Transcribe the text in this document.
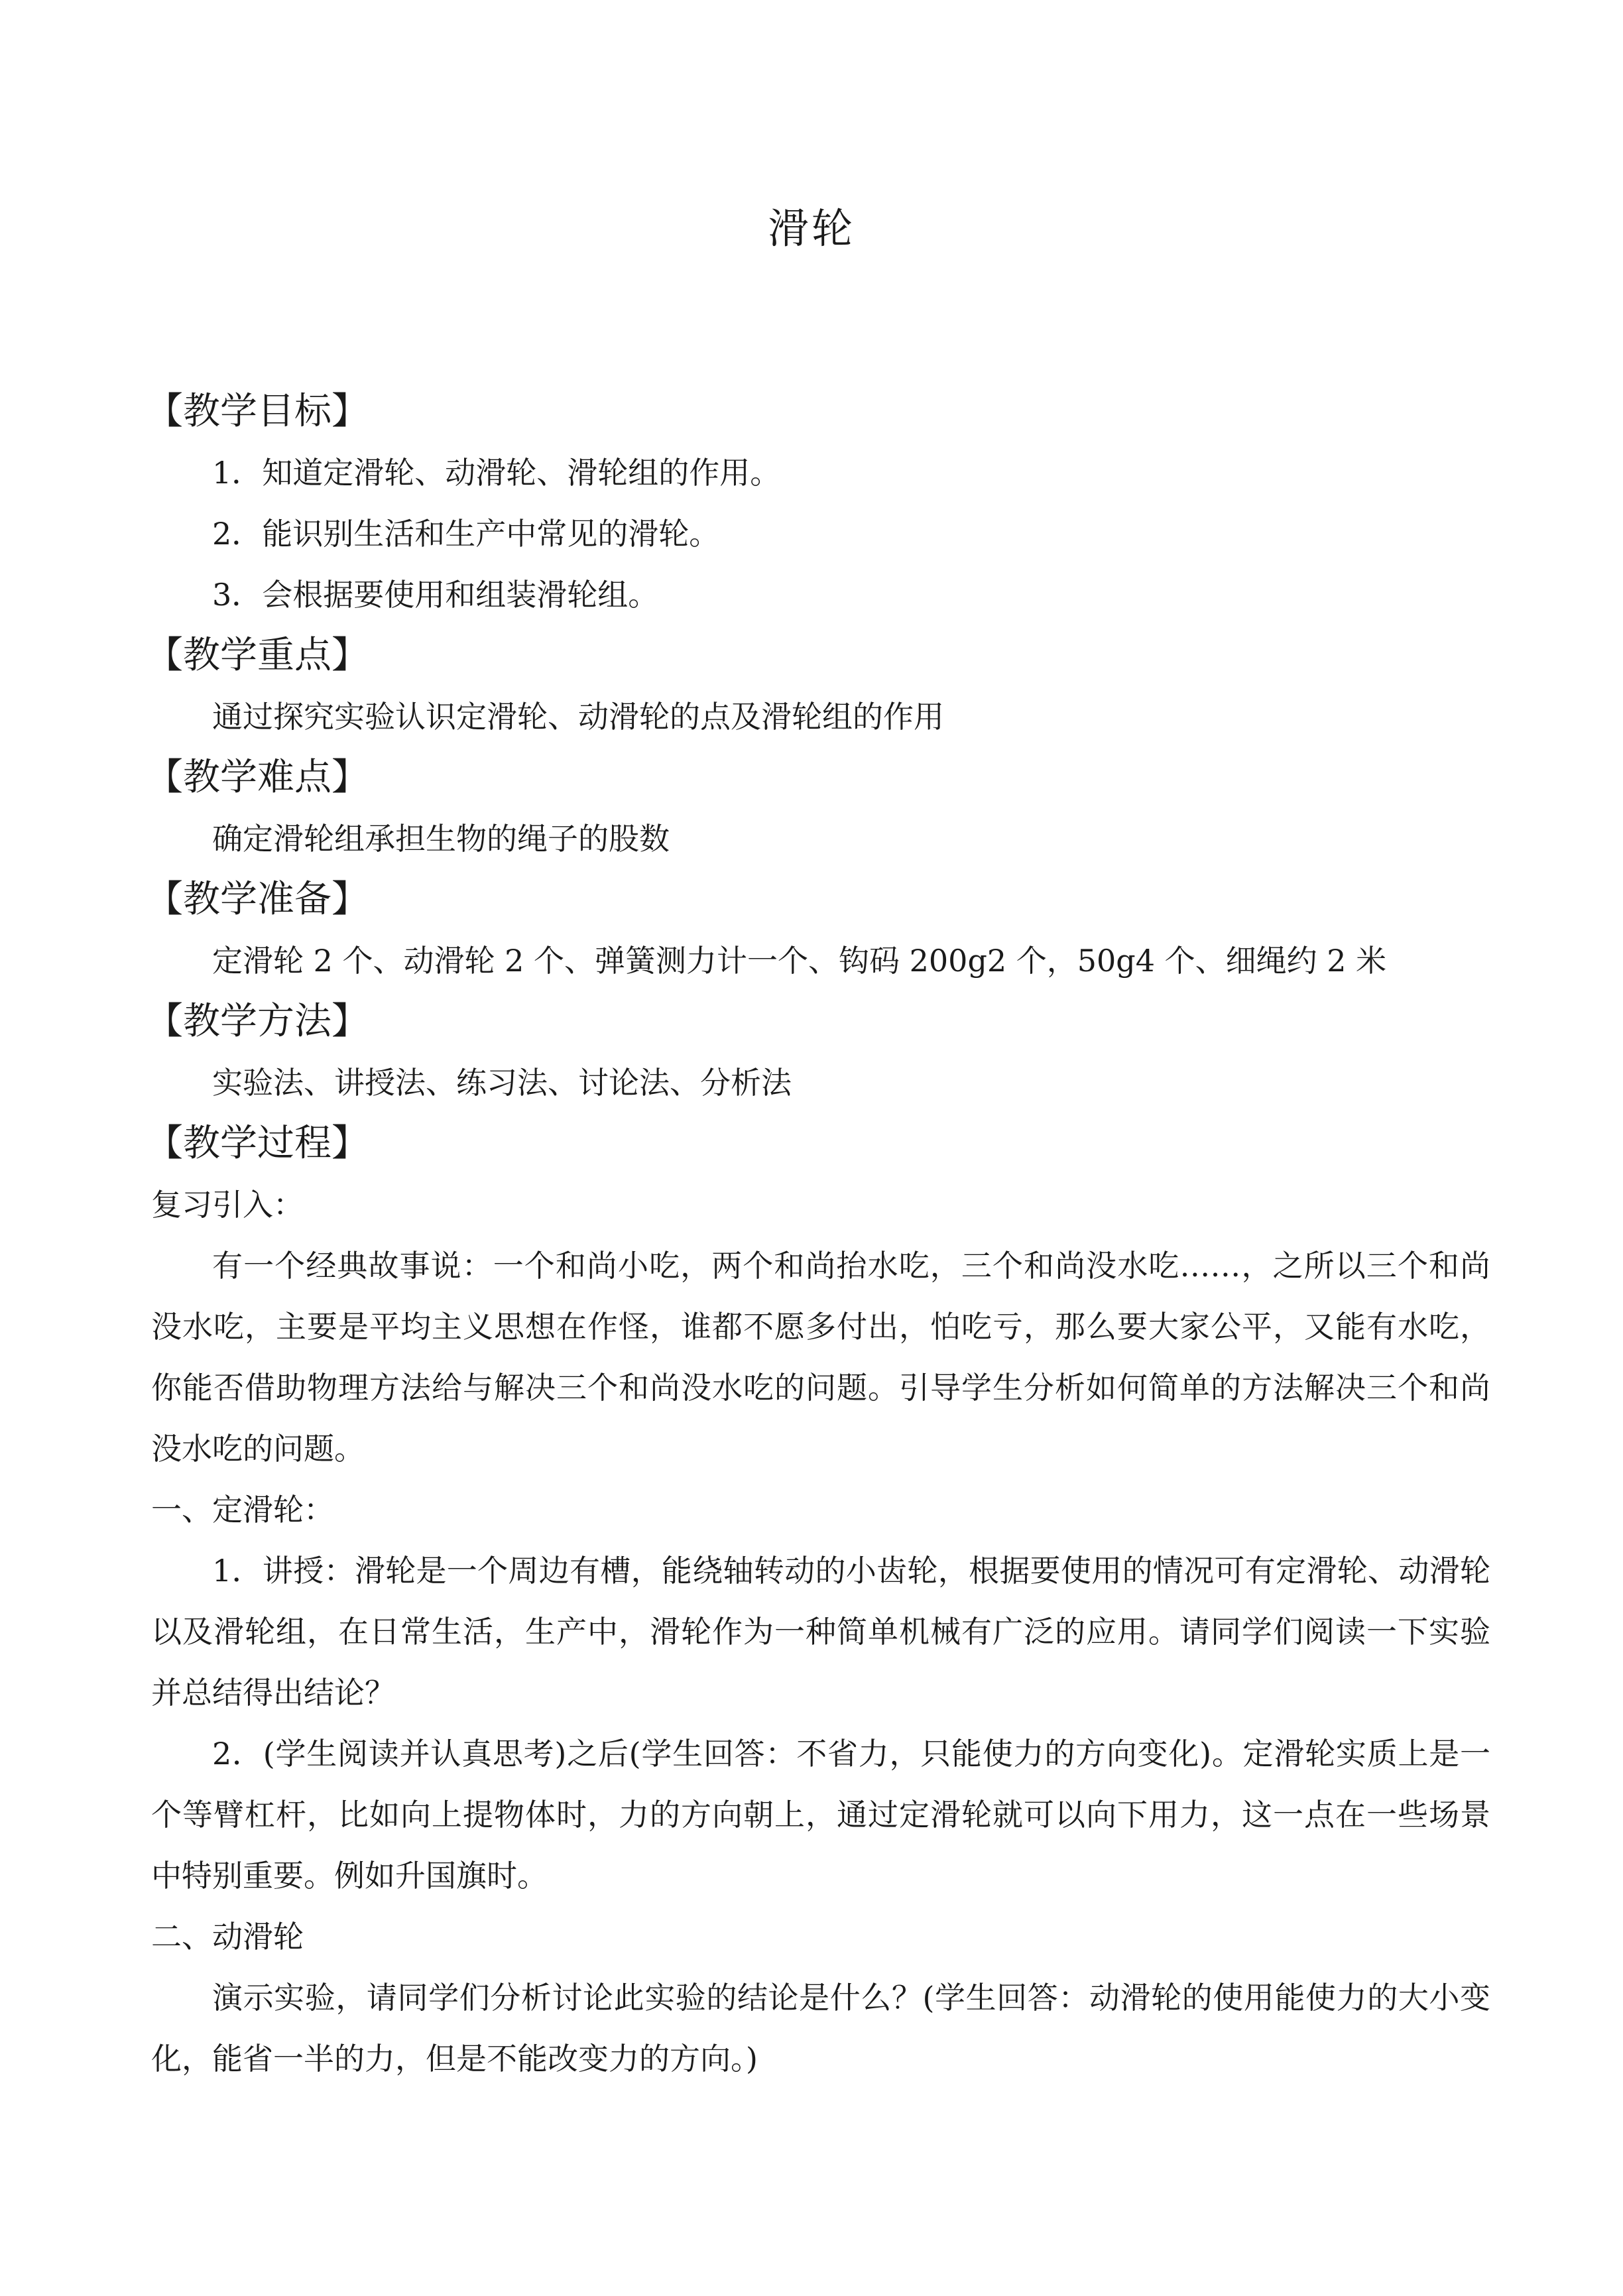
滑轮
【教学目标】
1．知道定滑轮、动滑轮、滑轮组的作用。
2．能识别生活和生产中常见的滑轮。
3．会根据要使用和组装滑轮组。
【教学重点】
通过探究实验认识定滑轮、动滑轮的点及滑轮组的作用
【教学难点】
确定滑轮组承担生物的绳子的股数
【教学准备】
定滑轮 2 个、动滑轮 2 个、弹簧测力计一个、钩码 200g2 个，50g4 个、细绳约 2 米
【教学方法】
实验法、讲授法、练习法、讨论法、分析法
【教学过程】
复习引入：

有一个经典故事说：一个和尚小吃，两个和尚抬水吃，三个和尚没水吃……，之所以三个和尚没水吃，主要是平均主义思想在作怪，谁都不愿多付出，怕吃亏，那么要大家公平，又能有水吃，你能否借助物理方法给与解决三个和尚没水吃的问题。引导学生分析如何简单的方法解决三个和尚没水吃的问题。

一、定滑轮：

1．讲授：滑轮是一个周边有槽，能绕轴转动的小齿轮，根据要使用的情况可有定滑轮、动滑轮以及滑轮组，在日常生活，生产中，滑轮作为一种简单机械有广泛的应用。请同学们阅读一下实验并总结得出结论？

2．(学生阅读并认真思考)之后(学生回答：不省力，只能使力的方向变化)。定滑轮实质上是一个等臂杠杆，比如向上提物体时，力的方向朝上，通过定滑轮就可以向下用力，这一点在一些场景中特别重要。例如升国旗时。

二、动滑轮

演示实验，请同学们分析讨论此实验的结论是什么？(学生回答：动滑轮的使用能使力的大小变化，能省一半的力，但是不能改变力的方向。)
